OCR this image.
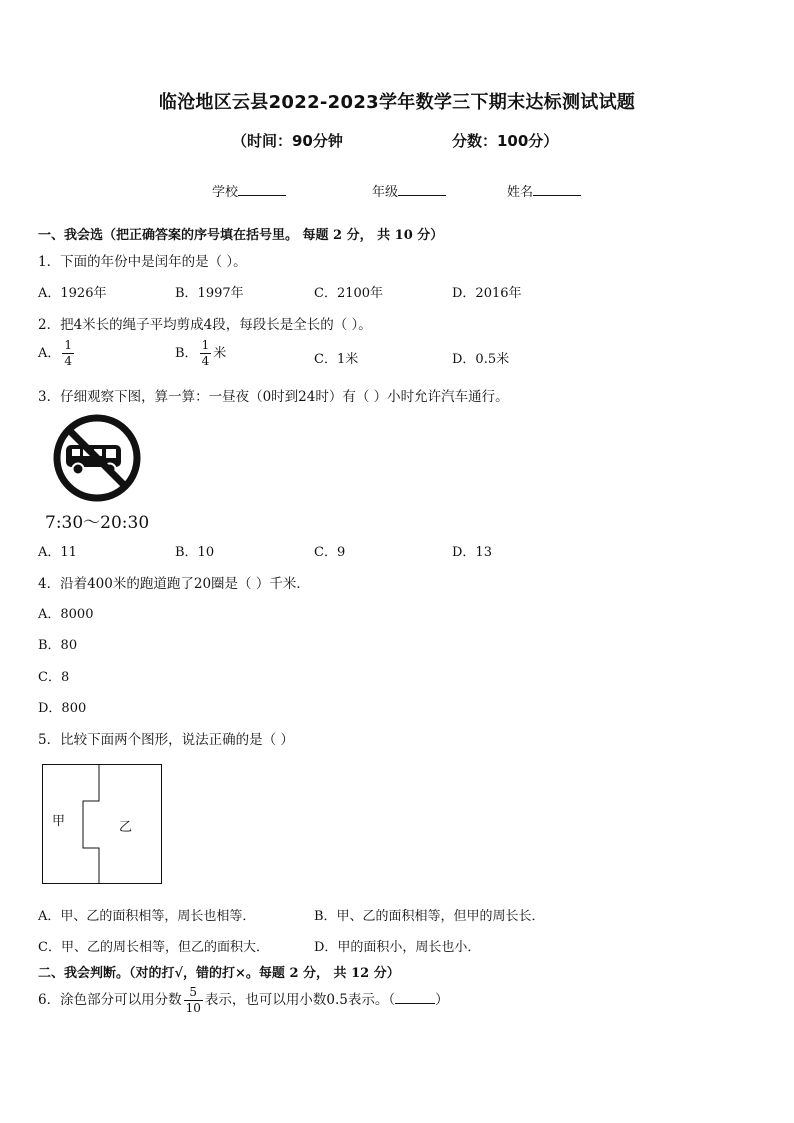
临沧地区云县2022-2023学年数学三下期末达标测试试题
（时间：90分钟	分数：100分）
学校	年级	姓名
一、我会选（把正确答案的序号填在括号里。 每题 2 分， 共 10 分）
1．下面的年份中是闰年的是（ ）。
A．1926年	B．1997年	C．2100年	D．2016年
2．把4米长的绳子平均剪成4段，每段长是全长的（ ）。
A． $\frac{1}{4}$	B． $\frac{1}{4}$ 米	C．1米	D．0.5米
3．仔细观察下图，算一算：一昼夜（0时到24时）有（ ）小时允许汽车通行。
7:30～20:30
A．11	B．10	C．9	D．13
4．沿着400米的跑道跑了20圈是（ ）千米．
A．8000
B．80
C．8
D．800
5．比较下面两个图形，说法正确的是（ ）
甲	乙
A．甲、乙的面积相等，周长也相等．	B．甲、乙的面积相等，但甲的周长长．
C．甲、乙的周长相等，但乙的面积大．	D．甲的面积小，周长也小．
二、我会判断。（对的打√，错的打×。每题 2 分， 共 12 分）
6．涂色部分可以用分数 $\frac{5}{10}$ 表示，也可以用小数0.5表示。（	）
